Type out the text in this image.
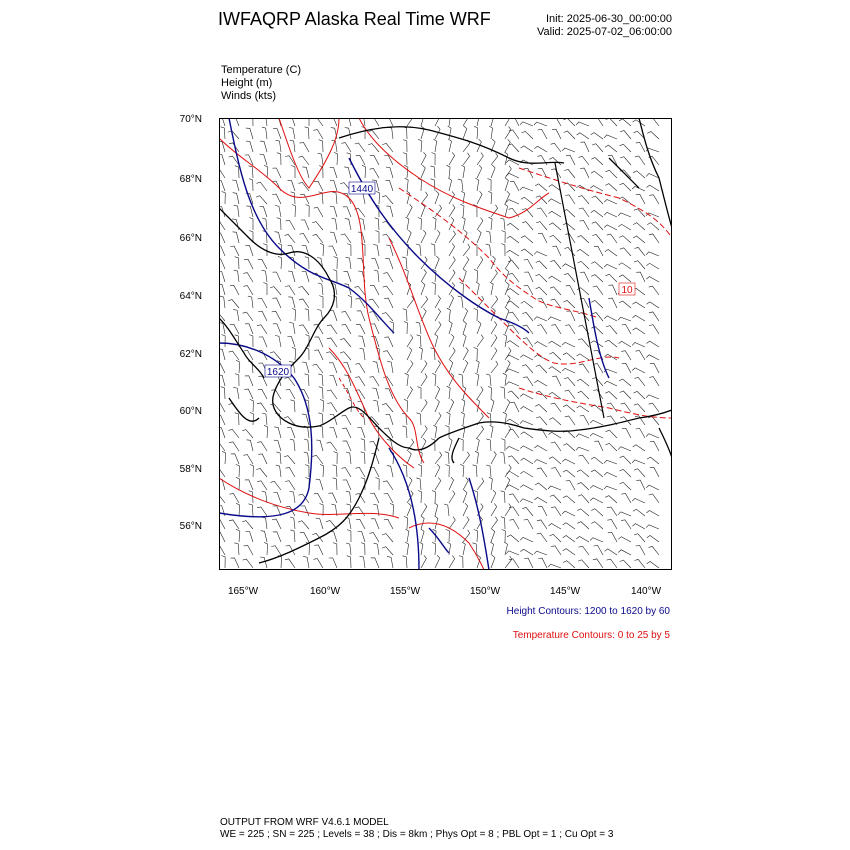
IWFAQRP Alaska Real Time WRF	Init: 2025-06-30_00:00:00
Valid: 2025-07-02_06:00:00
Temperature (C)
Height (m)
Winds (kts)
70°N
68°N
66°N
64°N
62°N
60°N
58°N
56°N
165°W	160°W	155°W	150°W	145°W	140°W
1440
1620
10
Height Contours: 1200 to 1620 by 60
Temperature Contours: 0 to 25 by 5
OUTPUT FROM WRF V4.6.1 MODEL
WE = 225 ; SN = 225 ; Levels = 38 ; Dis = 8km ; Phys Opt = 8 ; PBL Opt = 1 ; Cu Opt = 3
